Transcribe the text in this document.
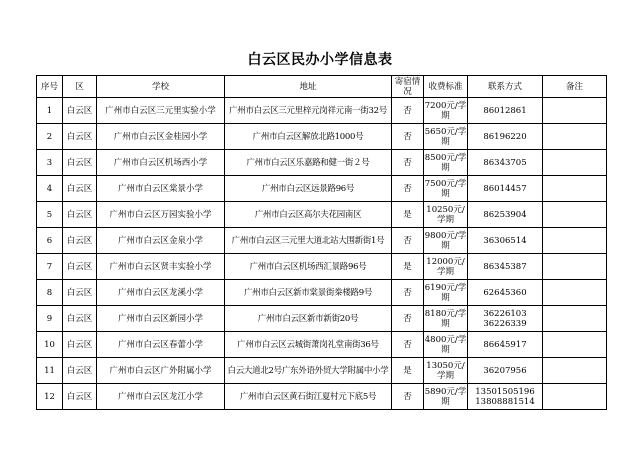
白云区民办小学信息表
序号	区	学校	地址	寄宿情况	收费标准	联系方式	备注
1	白云区	广州市白云区三元里实验小学	广州市白云区三元里梓元岗祥元南一街32号	否	7200元/学期	86012861	
2	白云区	广州市白云区金桂园小学	广州市白云区解放北路1000号	否	5650元/学期	86196220	
3	白云区	广州市白云区机场西小学	广州市白云区乐嘉路和健一街２号	否	8500元/学期	86343705	
4	白云区	广州市白云区棠景小学	广州市白云区远景路96号	否	7500元/学期	86014457	
5	白云区	广州市白云区万园实验小学	广州市白云区高尔夫花园南区	是	10250元/学期	86253904	
6	白云区	广州市白云区金泉小学	广州市白云区三元里大道北站大围新街1号	否	9800元/学期	36306514	
7	白云区	广州市白云区贤丰实验小学	广州市白云区机场西汇景路96号	是	12000元/学期	86345387	
8	白云区	广州市白云区龙溪小学	广州市白云区新市棠景街桊楼路9号	否	6190元/学期	62645360	
9	白云区	广州市白云区新园小学	广州市白云区新市新街20号	否	8180元/学期	36226103
36226339	
10	白云区	广州市白云区春蕾小学	广州市白云区云城街萧岗礼堂南街36号	否	4800元/学期	86645917	
11	白云区	广州市白云区广外附属小学	白云大道北2号广东外语外贸大学附属中小学	是	13050元/学期	36207956	
12	白云区	广州市白云区龙江小学	广州市白云区黄石街江夏村元下底5号	否	5890元/学期	13501505196
13808881514	
